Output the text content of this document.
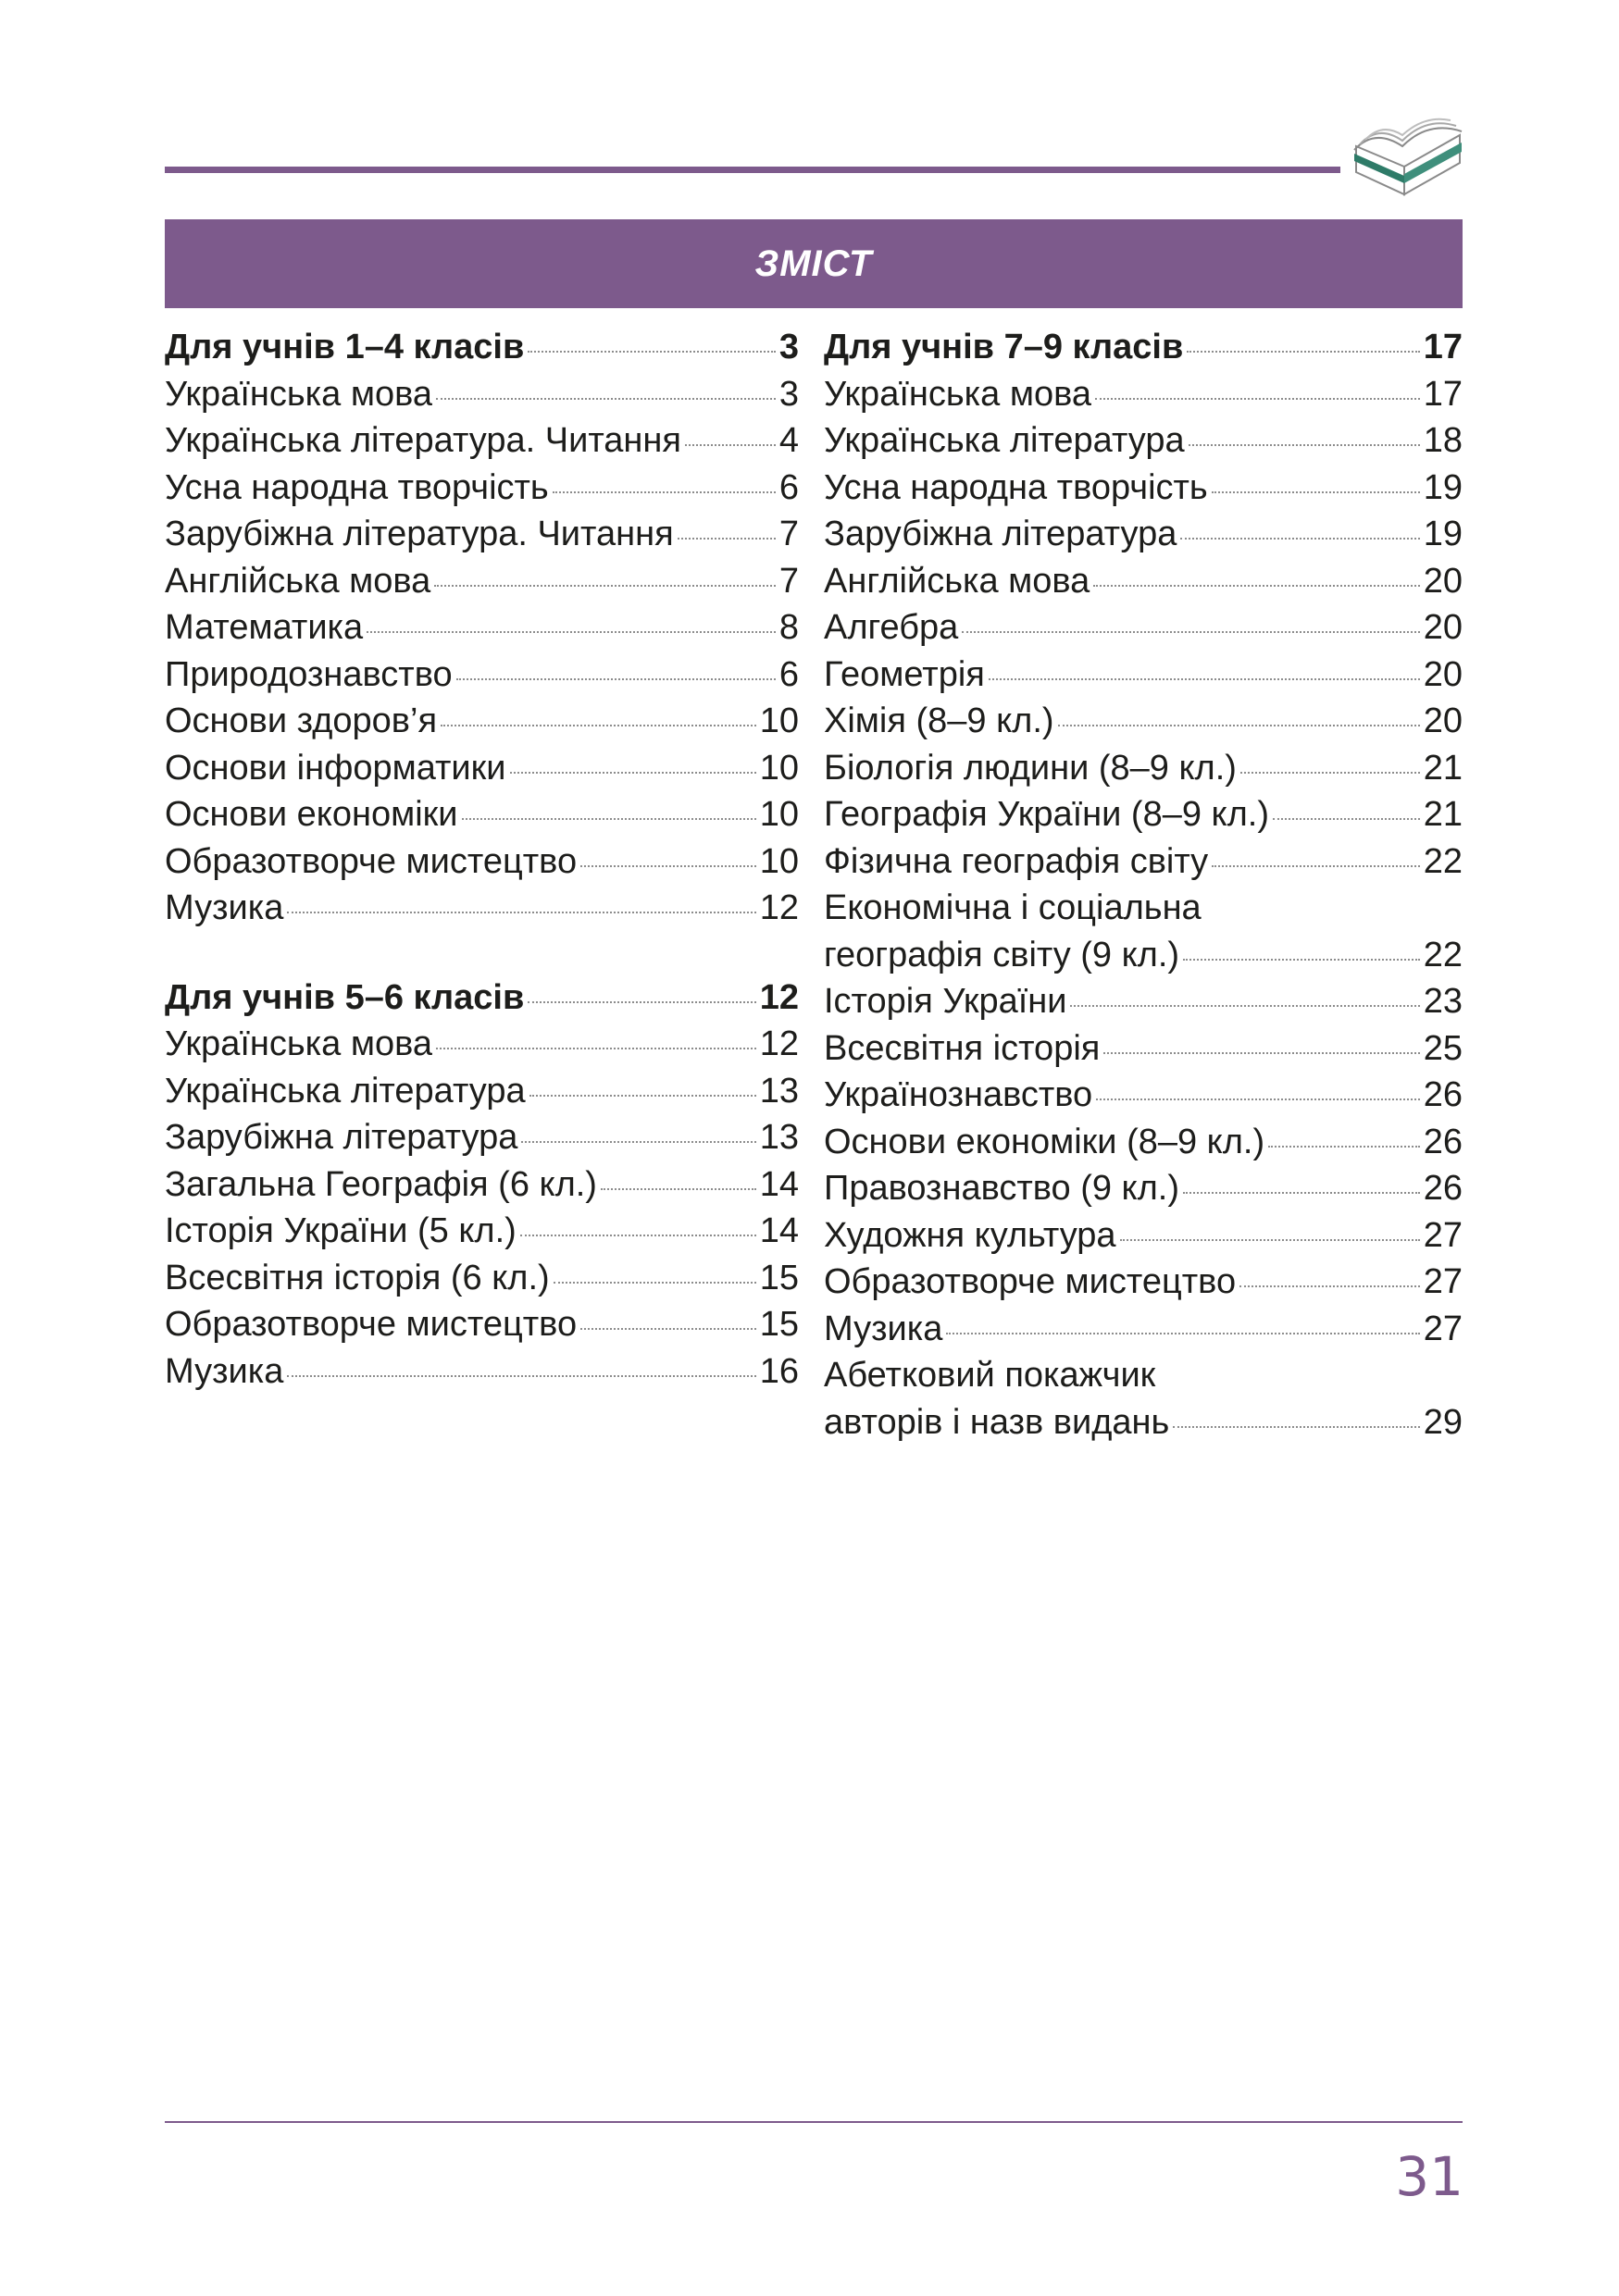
ЗМІСТ
Для учнів 1–4 класів	3
Українська мова	3
Українська література. Читання	4
Усна народна творчість	6
Зарубіжна література. Читання	7
Англійська мова	7
Математика	8
Природознавство	6
Основи здоров’я	10
Основи інформатики	10
Основи економіки	10
Образотворче мистецтво	10
Музика	12
Для учнів 5–6 класів	12
Українська мова	12
Українська література	13
Зарубіжна література	13
Загальна Географія (6 кл.)	14
Історія України (5 кл.)	14
Всесвітня історія (6 кл.)	15
Образотворче мистецтво	15
Музика	16
Для учнів 7–9 класів	17
Українська мова	17
Українська література	18
Усна народна творчість	19
Зарубіжна література	19
Англійська мова	20
Алгебра	20
Геометрія	20
Хімія (8–9 кл.)	20
Біологія людини (8–9 кл.)	21
Географія України (8–9 кл.)	21
Фізична географія світу	22
Економічна і соціальна
географія світу (9 кл.)	22
Історія України	23
Всесвітня історія	25
Українознавство	26
Основи економіки (8–9 кл.)	26
Правознавство (9 кл.)	26
Художня культура	27
Образотворче мистецтво	27
Музика	27
Абетковий покажчик
авторів і назв видань	29
31
